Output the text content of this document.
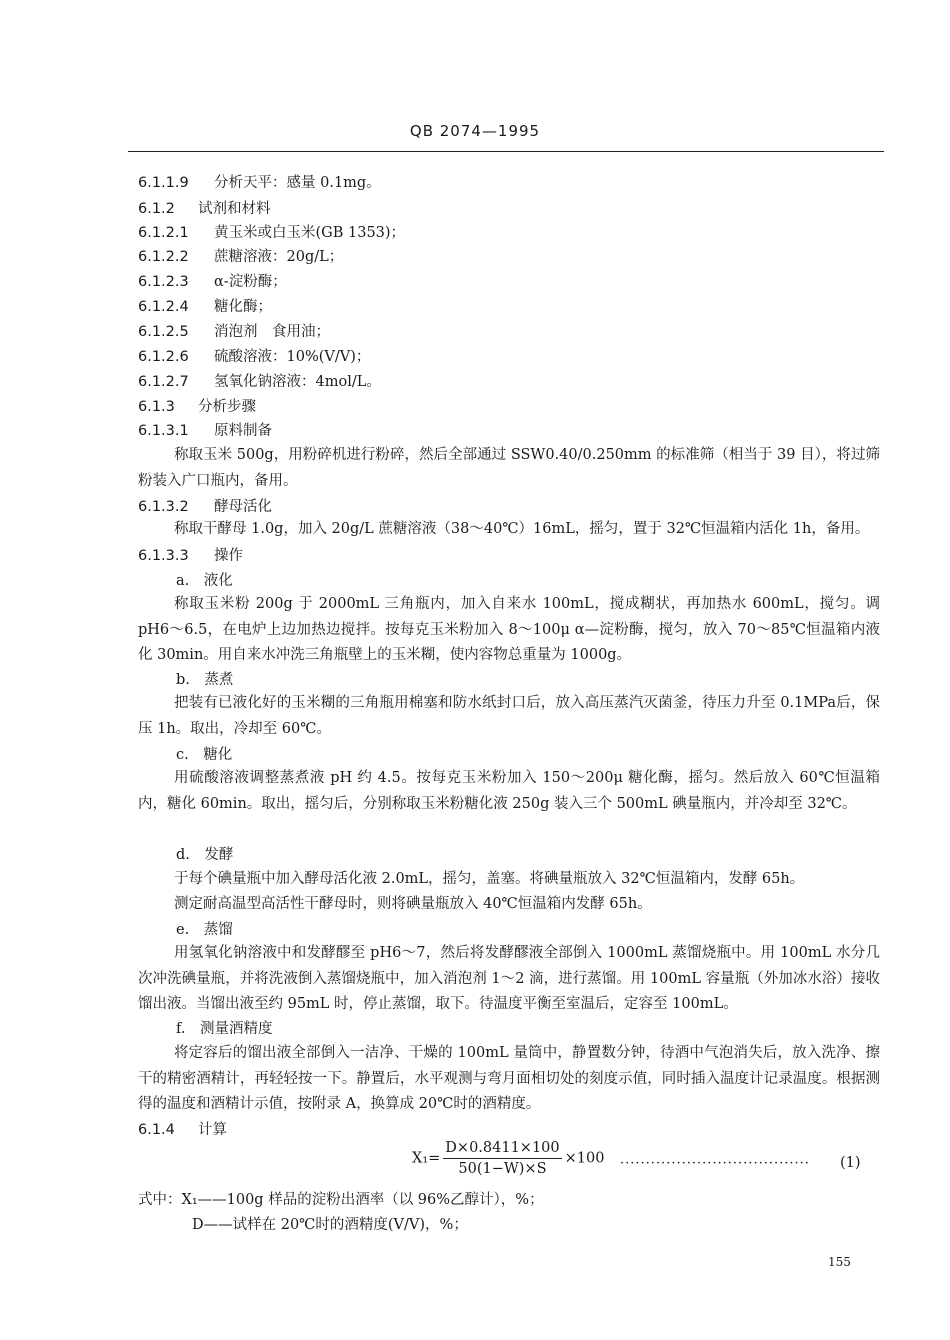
QB 2074—1995
6.1.1.9 分析天平：感量 0.1mg。
6.1.2 试剂和材料
6.1.2.1 黄玉米或白玉米(GB 1353)；
6.1.2.2 蔗糖溶液：20g/L；
6.1.2.3 α-淀粉酶；
6.1.2.4 糖化酶；
6.1.2.5 消泡剂　食用油；
6.1.2.6 硫酸溶液：10%(V/V)；
6.1.2.7 氢氧化钠溶液：4mol/L。
6.1.3 分析步骤
6.1.3.1 原料制备
称取玉米 500g，用粉碎机进行粉碎，然后全部通过 SSW0.40/0.250mm 的标准筛（相当于 39 目），将过筛粉装入广口瓶内，备用。
6.1.3.2 酵母活化
称取干酵母 1.0g，加入 20g/L 蔗糖溶液（38～40℃）16mL，摇匀，置于 32℃恒温箱内活化 1h，备用。
6.1.3.3 操作
a.　液化
称取玉米粉 200g 于 2000mL 三角瓶内，加入自来水 100mL，搅成糊状，再加热水 600mL，搅匀。调 pH6～6.5，在电炉上边加热边搅拌。按每克玉米粉加入 8～100μ α—淀粉酶，搅匀，放入 70～85℃恒温箱内液化 30min。用自来水冲洗三角瓶壁上的玉米糊，使内容物总重量为 1000g。
b.　蒸煮
把装有已液化好的玉米糊的三角瓶用棉塞和防水纸封口后，放入高压蒸汽灭菌釜，待压力升至 0.1MPa后，保压 1h。取出，冷却至 60℃。
c.　糖化
用硫酸溶液调整蒸煮液 pH 约 4.5。按每克玉米粉加入 150～200μ 糖化酶，摇匀。然后放入 60℃恒温箱内，糖化 60min。取出，摇匀后，分别称取玉米粉糖化液 250g 装入三个 500mL 碘量瓶内，并冷却至 32℃。
d.　发酵
于每个碘量瓶中加入酵母活化液 2.0mL，摇匀，盖塞。将碘量瓶放入 32℃恒温箱内，发酵 65h。
测定耐高温型高活性干酵母时，则将碘量瓶放入 40℃恒温箱内发酵 65h。
e.　蒸馏
用氢氧化钠溶液中和发酵醪至 pH6～7，然后将发酵醪液全部倒入 1000mL 蒸馏烧瓶中。用 100mL 水分几次冲洗碘量瓶，并将洗液倒入蒸馏烧瓶中，加入消泡剂 1～2 滴，进行蒸馏。用 100mL 容量瓶（外加冰水浴）接收馏出液。当馏出液至约 95mL 时，停止蒸馏，取下。待温度平衡至室温后，定容至 100mL。
f.　测量酒精度
将定容后的馏出液全部倒入一洁净、干燥的 100mL 量筒中，静置数分钟，待酒中气泡消失后，放入洗净、擦干的精密酒精计，再轻轻按一下。静置后，水平观测与弯月面相切处的刻度示值，同时插入温度计记录温度。根据测得的温度和酒精计示值，按附录 A，换算成 20℃时的酒精度。
6.1.4 计算
$X_1= \frac{D\times 0.8411\times 100}{50(1-W)\times S} \times 100$ ····································· (1)
式中：X₁——100g 样品的淀粉出酒率（以 96%乙醇计），%；
D——试样在 20℃时的酒精度(V/V)，%；
155
